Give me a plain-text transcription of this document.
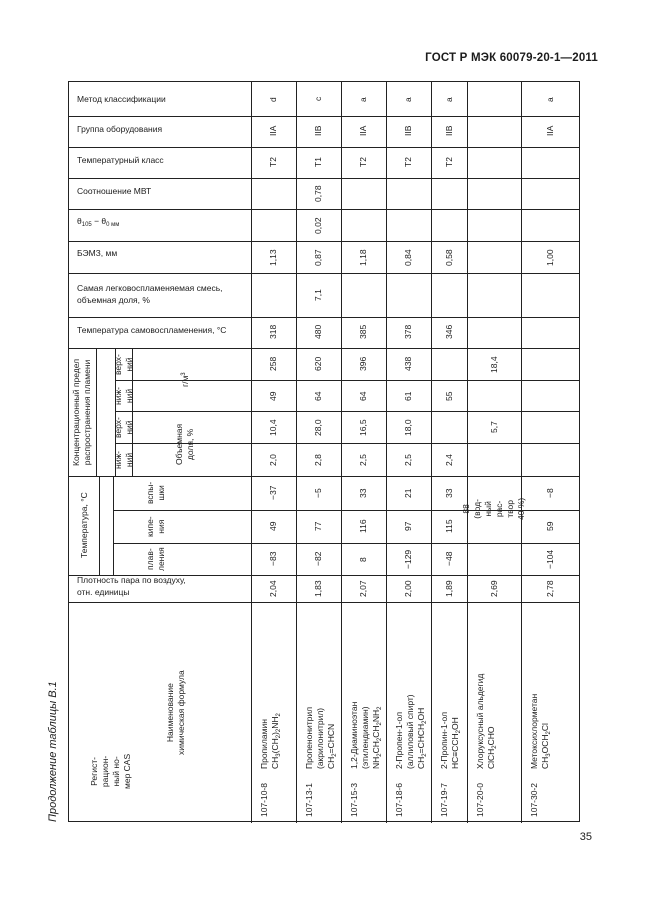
ГОСТ Р МЭК 60079-20-1—2011
Продолжение таблицы В.1
35
Метод классификации
Группа оборудования
Температурный класс
Соотношение МВТ
$\theta_{105} - \theta_{0 мм}$
БЭМЗ, мм
Самая легковоспламеняемая смесь,
объемная доля, %
Температура самовоспламенения, °С
Плотность пара по воздуху,
отн. единицы
Концентрационный предел
распространения пламени верх-
ний
ниж-
ний
верх-
ний
ниж-
ний	Объемная
доля, %
$г/м^3$
Температура, °С	вспы-
шки
кипе-
ния
плав-
ления
Наименование
химическая формула
Регист-
рацион-
ный но-
мер CAS
d
IIA
T2
1,13
318
258
49
10,4
2,0
−37
49
−83
2,04
107-10-8
Пропиламин
$CH_3(CH_2)_2NH_2$
c
IIB
T1
0,78
0,02
0,87
7,1
480
620
64
28,0
2,8
−5
77
−82
1,83
107-13-1
Пропенонитрил
(акрилонитрил)
$CH_2=CHCN$
a
IIA
T2
1,18
385
396
64
16,5
2,5
33
116
8
2,07
107-15-3
1,2-Диаминоэтан
(этилендиамин)
$NH_2CH_2CH_2NH_2$
a
IIB
T2
0,84
378
438
61
18,0
2,5
21
97
−129
2,00
107-18-6
2-Пропен-1-ол
(аллиловый спирт)
$CH_2=CHCH_2OH$
a
IIB
T2
0,58
346
55
2,4
33
115
−48
1,89
107-19-7
2-Пропин-1-ол
$HC\equiv CCH_2OH$
18,4
5,7
88
(вод-
ный
рас-
твор
40 %)
2,69
107-20-0
Хлоруксусный альдегид
ClCH$_2$CHO
a
IIA
1,00
−8
59
−104
2,78
107-30-2
Метоксихлорметан
$CH_3OCH_2Cl$
